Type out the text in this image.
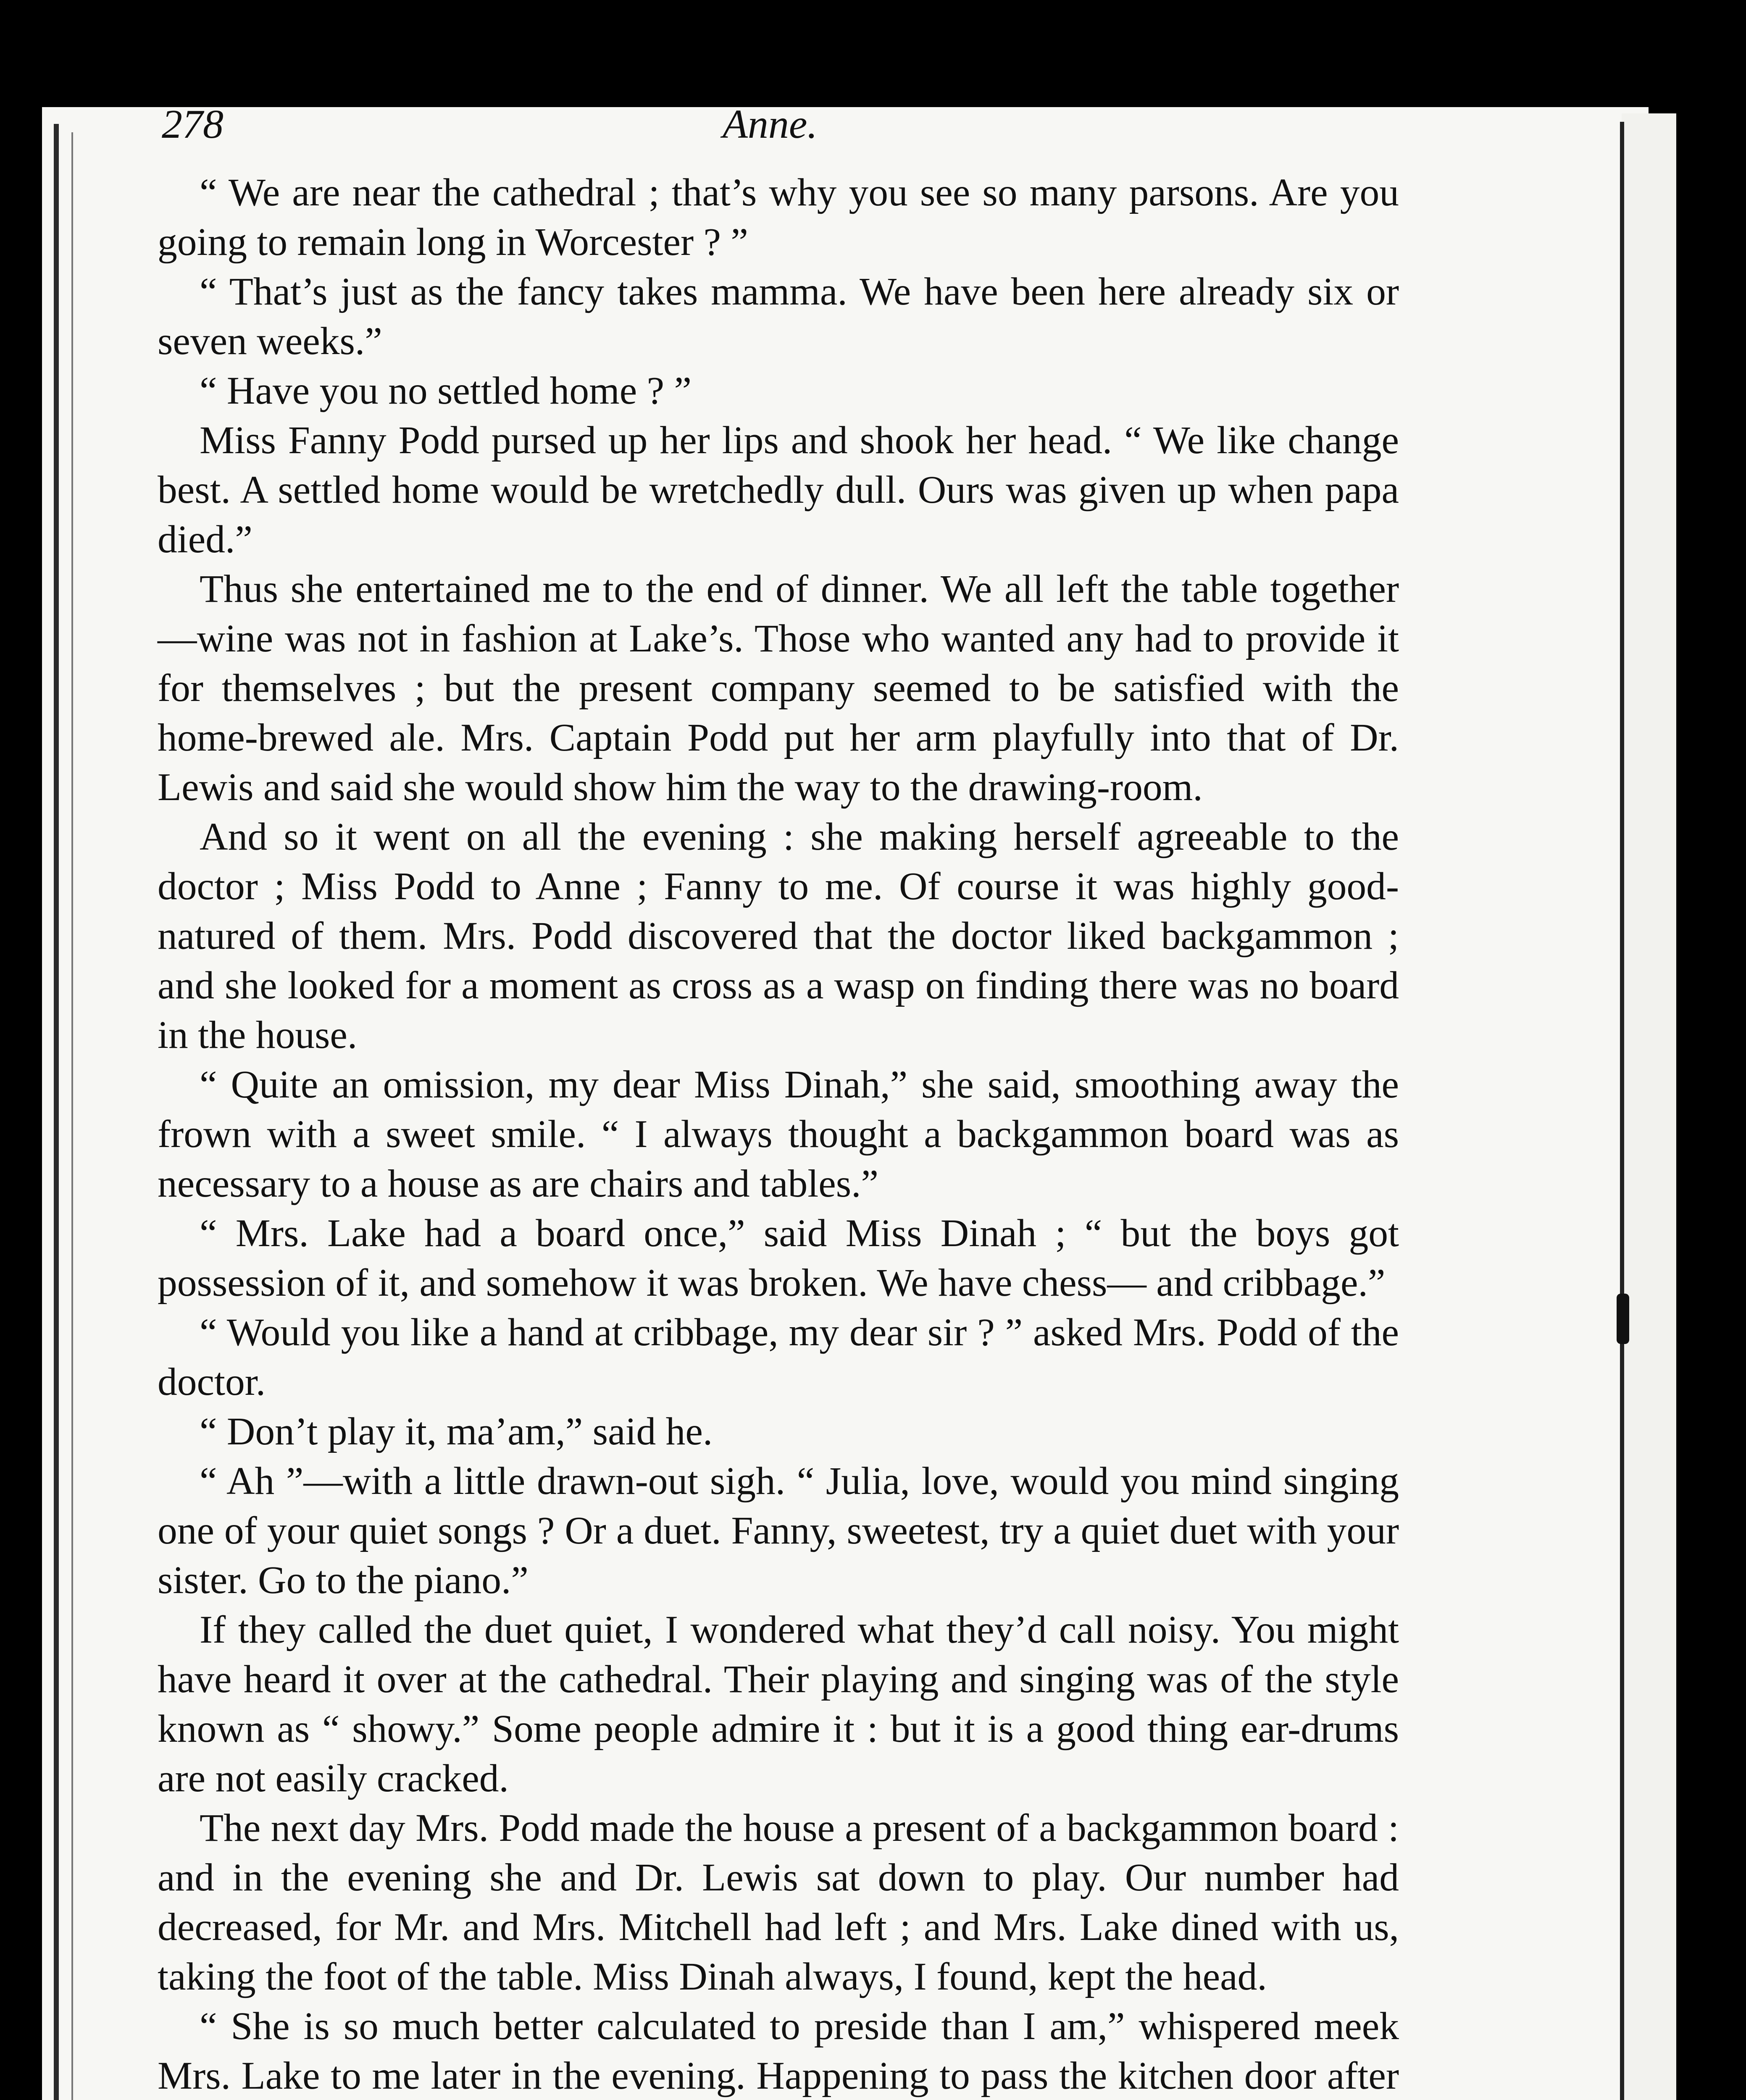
278	Anne.

“ We are near the cathedral ; that’s why you see so many parsons. Are you going to remain long in Worcester ? ”

“ That’s just as the fancy takes mamma. We have been here already six or seven weeks.”

“ Have you no settled home ? ”

Miss Fanny Podd pursed up her lips and shook her head. “ We like change best. A settled home would be wretchedly dull. Ours was given up when papa died.”

Thus she entertained me to the end of dinner. We all left the table together—wine was not in fashion at Lake’s. Those who wanted any had to provide it for themselves ; but the present company seemed to be satisfied with the home-brewed ale. Mrs. Captain Podd put her arm playfully into that of Dr. Lewis and said she would show him the way to the drawing-room.

And so it went on all the evening : she making herself agreeable to the doctor ; Miss Podd to Anne ; Fanny to me. Of course it was highly good-natured of them. Mrs. Podd discovered that the doctor liked backgammon ; and she looked for a moment as cross as a wasp on finding there was no board in the house.

“ Quite an omission, my dear Miss Dinah,” she said, smoothing away the frown with a sweet smile. “ I always thought a backgammon board was as necessary to a house as are chairs and tables.”

“ Mrs. Lake had a board once,” said Miss Dinah ; “ but the boys got possession of it, and somehow it was broken. We have chess— and cribbage.”

“ Would you like a hand at cribbage, my dear sir ? ” asked Mrs. Podd of the doctor.

“ Don’t play it, ma’am,” said he.

“ Ah ”—with a little drawn-out sigh. “ Julia, love, would you mind singing one of your quiet songs ? Or a duet. Fanny, sweetest, try a quiet duet with your sister. Go to the piano.”

If they called the duet quiet, I wondered what they’d call noisy. You might have heard it over at the cathedral. Their playing and singing was of the style known as “ showy.” Some people admire it : but it is a good thing ear-drums are not easily cracked.

The next day Mrs. Podd made the house a present of a backgammon board : and in the evening she and Dr. Lewis sat down to play. Our number had decreased, for Mr. and Mrs. Mitchell had left ; and Mrs. Lake dined with us, taking the foot of the table. Miss Dinah always, I found, kept the head.

“ She is so much better calculated to preside than I am,” whispered meek Mrs. Lake to me later in the evening. Happening to pass the kitchen door after
